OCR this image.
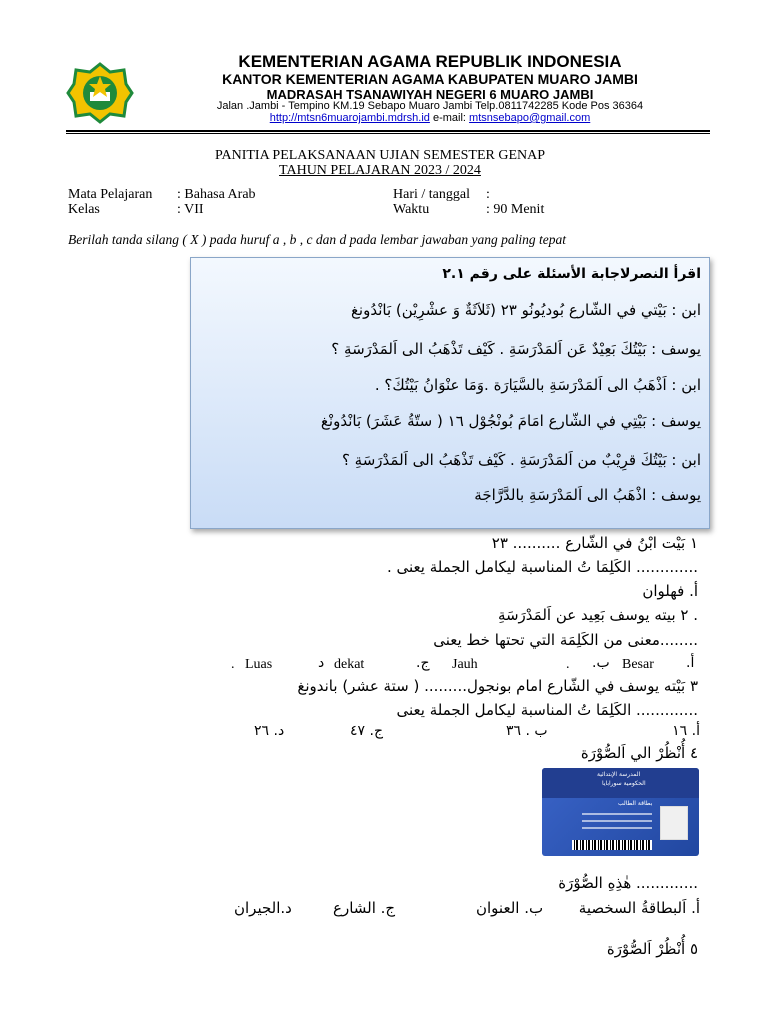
KEMENTERIAN AGAMA REPUBLIK INDONESIA
KANTOR KEMENTERIAN AGAMA KABUPATEN MUARO JAMBI
MADRASAH TSANAWIYAH NEGERI 6 MUARO JAMBI
Jalan .Jambi - Tempino KM.19 Sebapo Muaro Jambi Telp.0811742285 Kode Pos 36364
http://mtsn6muarojambi.mdrsh.id e-mail: mtsnsebapo@gmail.com
PANITIA PELAKSANAAN UJIAN SEMESTER GENAP
TAHUN PELAJARAN 2023 / 2024
Mata Pelajaran : Bahasa Arab
Kelas	: VII
Hari / tanggal :
Waktu	: 90 Menit
Berilah tanda silang ( X ) pada huruf a , b , c dan d pada lembar jawaban yang paling tepat
اقرأ النصرلاجابة الأسئلة على رقم ٢.١
ابن : بَيْتي في الشّارع بُوديُونُو ٢٣ (ثَلاَثَةٌ وَ عشْرِيْن) بَانْدُونغ
يوسف : بَيْتُكَ بَعِيْدٌ عَن اَلمَدْرَسَةِ . كَيْف تَذْهَبُ الى اَلمَدْرَسَةِ ؟
ابن : اَذْهَبُ الى اَلمَدْرَسَةِ بالسَّيَارَة .وَمَا عنْوَانُ بَيْتُكَ؟ .
يوسف : بَيْتِي في الشّارع امَامَ بُونْجُوْل ١٦ ( ستّةُ عَشَرَ) بَانْدُونْغ
ابن : بَيْتُكَ قرِيْبٌ من اَلمَدْرَسَةِ . كَيْف تَذْهَبُ الى اَلمَدْرَسَةِ ؟
يوسف : اذْهَبُ الى اَلمَدْرَسَةِ بالدَّرَّاجَة
١ بَيْت ابْنُ في الشّارع .......... ٢٣
............. الكَلِمَا تُ المناسبة ليكامل الجملة يعنى .
أ. فهلوان
. ٢ بيته يوسف بَعِيد عن اَلمَدْرَسَةِ
........معنى من الكَلِمَة التي تحتها خط يعنى
. Luas	د dekat	ج. Jauh	. ب. Besar أ.
٣ بَيْته يوسف في الشّارع امام بونجول......... ( ستة عشر) باندونغ
............. الكَلِمَا تُ المناسبة ليكامل الجملة يعنى
أ. ١٦
ب . ٣٦
ج. ٤٧
د. ٢٦
٤ أُنْظُرْ الي اَلصُّوْرَة
المدرسة الإبتدائية
الحكومية سورابايا
بطاقة الطالب
............. هٰذِهِ الصُّوْرَة
أ. اَلبطاقةُ السخصية
ب. العنوان
ج. الشارع
د.الجيران
٥ أُنْظُرْ اَلصُّوْرَة
